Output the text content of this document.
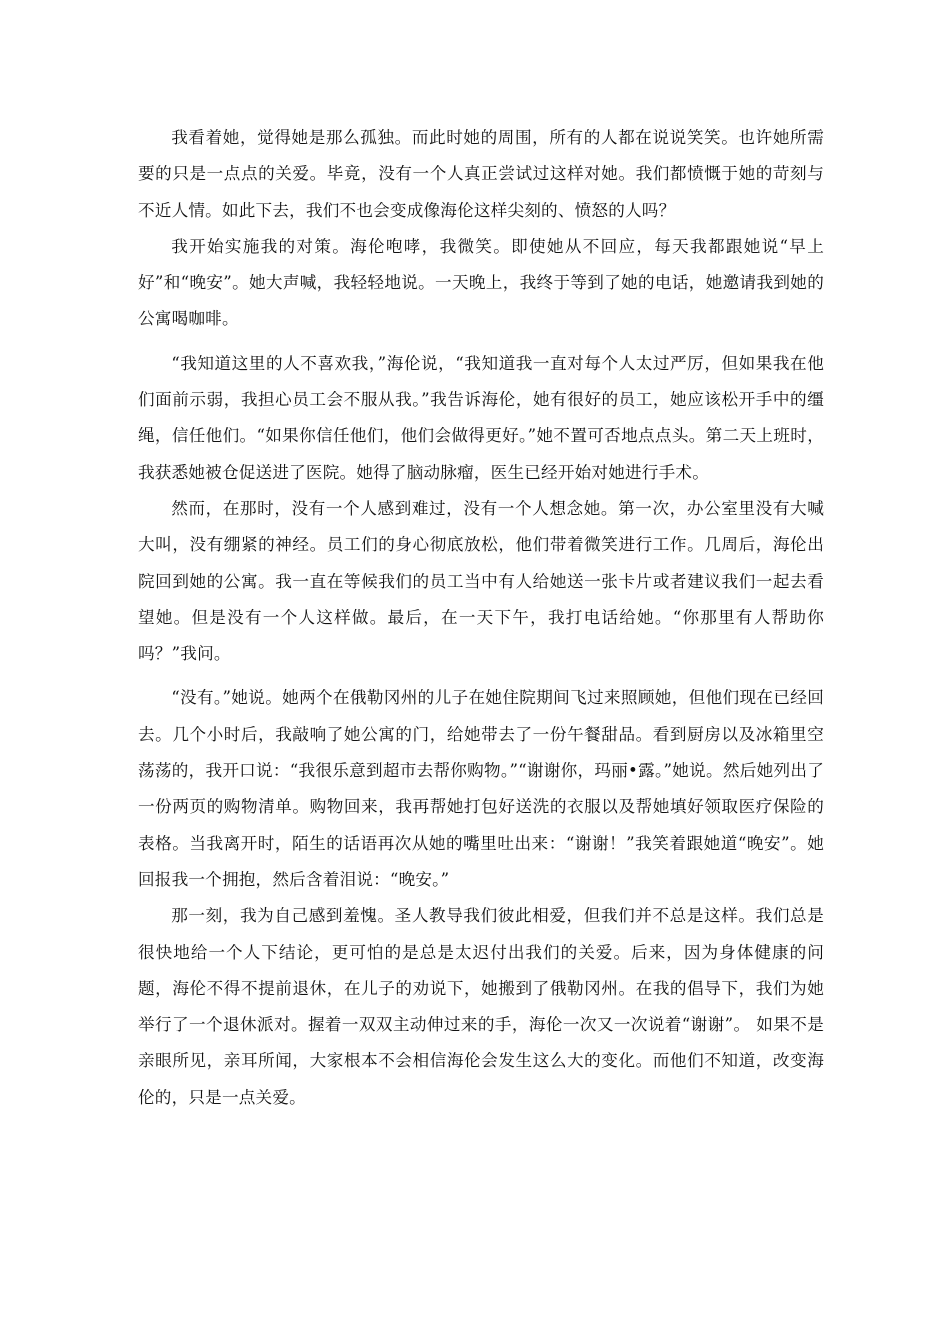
我看着她，觉得她是那么孤独。而此时她的周围，所有的人都在说说笑笑。也许她所需要的只是一点点的关爱。毕竟，没有一个人真正尝试过这样对她。我们都愤慨于她的苛刻与不近人情。如此下去，我们不也会变成像海伦这样尖刻的、愤怒的人吗？

我开始实施我的对策。海伦咆哮，我微笑。即使她从不回应，每天我都跟她说“早上好”和“晚安”。她大声喊，我轻轻地说。一天晚上，我终于等到了她的电话，她邀请我到她的公寓喝咖啡。

“我知道这里的人不喜欢我，”海伦说，“我知道我一直对每个人太过严厉，但如果我在他们面前示弱，我担心员工会不服从我。”我告诉海伦，她有很好的员工，她应该松开手中的缰绳，信任他们。“如果你信任他们，他们会做得更好。”她不置可否地点点头。第二天上班时，我获悉她被仓促送进了医院。她得了脑动脉瘤，医生已经开始对她进行手术。

然而，在那时，没有一个人感到难过，没有一个人想念她。第一次，办公室里没有大喊大叫，没有绷紧的神经。员工们的身心彻底放松，他们带着微笑进行工作。几周后，海伦出院回到她的公寓。我一直在等候我们的员工当中有人给她送一张卡片或者建议我们一起去看望她。但是没有一个人这样做。最后，在一天下午，我打电话给她。“你那里有人帮助你吗？”我问。

“没有。”她说。她两个在俄勒冈州的儿子在她住院期间飞过来照顾她，但他们现在已经回去。几个小时后，我敲响了她公寓的门，给她带去了一份午餐甜品。看到厨房以及冰箱里空荡荡的，我开口说：“我很乐意到超市去帮你购物。”“谢谢你，玛丽•露。”她说。然后她列出了一份两页的购物清单。购物回来，我再帮她打包好送洗的衣服以及帮她填好领取医疗保险的表格。当我离开时，陌生的话语再次从她的嘴里吐出来：“谢谢！”我笑着跟她道“晚安”。她回报我一个拥抱，然后含着泪说：“晚安。”

那一刻，我为自己感到羞愧。圣人教导我们彼此相爱，但我们并不总是这样。我们总是很快地给一个人下结论，更可怕的是总是太迟付出我们的关爱。后来，因为身体健康的问题，海伦不得不提前退休，在儿子的劝说下，她搬到了俄勒冈州。在我的倡导下，我们为她举行了一个退休派对。握着一双双主动伸过来的手，海伦一次又一次说着“谢谢”。 如果不是亲眼所见，亲耳所闻，大家根本不会相信海伦会发生这么大的变化。而他们不知道，改变海伦的，只是一点关爱。
